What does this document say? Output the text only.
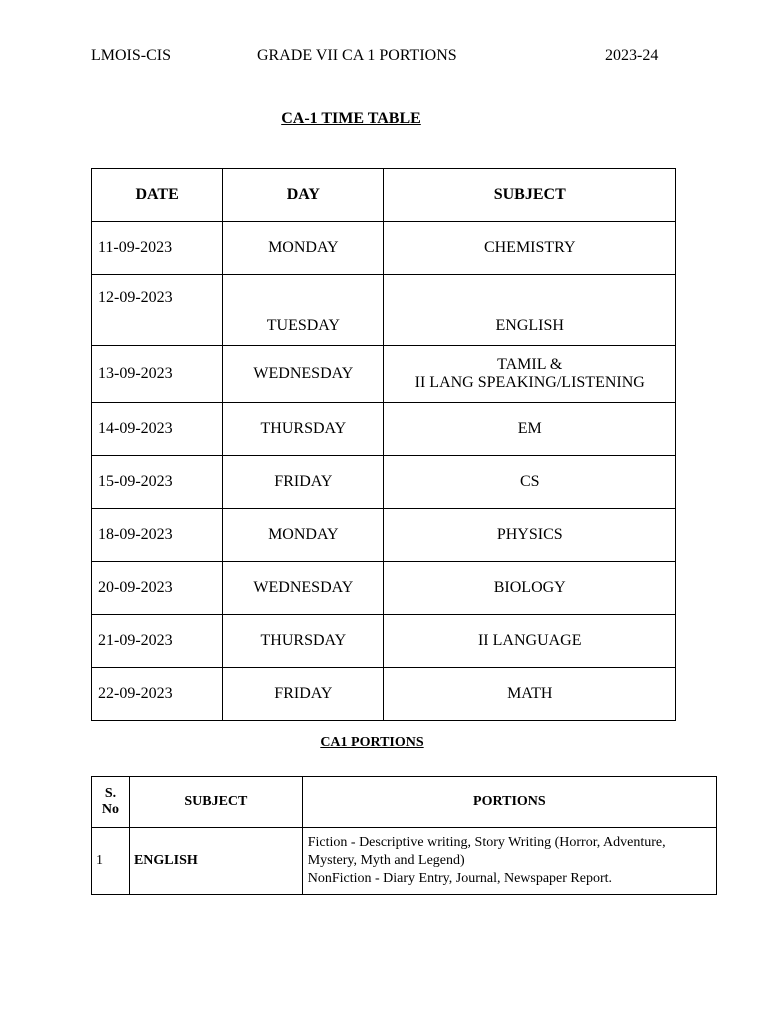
LMOIS-CIS	GRADE VII CA 1 PORTIONS	2023-24
CA-1 TIME TABLE
DATE	DAY	SUBJECT
11-09-2023	MONDAY	CHEMISTRY
12-09-2023	TUESDAY	ENGLISH
13-09-2023	WEDNESDAY	TAMIL &
II LANG SPEAKING/LISTENING

14-09-2023	THURSDAY	EM
15-09-2023	FRIDAY	CS
18-09-2023	MONDAY	PHYSICS
20-09-2023	WEDNESDAY	BIOLOGY
21-09-2023	THURSDAY	II LANGUAGE
22-09-2023	FRIDAY	MATH
CA1 PORTIONS
S. No	SUBJECT	PORTIONS
1	ENGLISH	Fiction - Descriptive writing, Story Writing (Horror, Adventure,
Mystery, Myth and Legend)
NonFiction - Diary Entry, Journal, Newspaper Report.
